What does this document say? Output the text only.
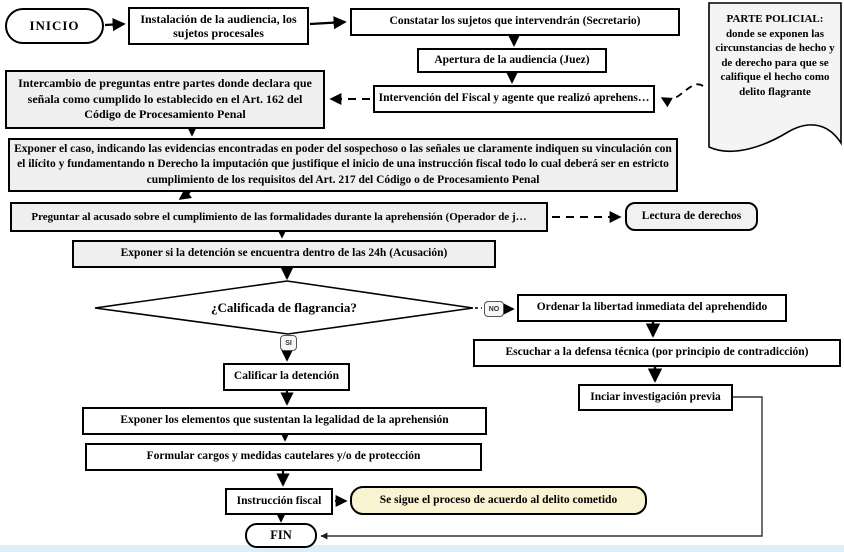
INICIO
FIN
Instalación de la audiencia, los sujetos procesales
Constatar los sujetos que intervendrán (Secretario)
Apertura de la audiencia (Juez)
Intervención del Fiscal y agente que realizó aprehens…
PARTE POLICIAL: donde se exponen las circunstancias de hecho y de derecho para que se califique el hecho como delito flagrante
Intercambio de preguntas entre partes donde declara que señala como cumplido lo establecido en el Art. 162 del Código de Procesamiento Penal
Exponer el caso, indicando las evidencias encontradas en poder del sospechoso o las señales ue claramente indiquen su vinculación con el ilícito y fundamentando n Derecho la imputación que justifique el inicio de una instrucción fiscal todo lo cual deberá ser en estricto cumplimiento de los requisitos del Art. 217 del Código o de Procesamiento Penal
Preguntar al acusado sobre el cumplimiento de las formalidades durante la aprehensión (Operador de j…	Lectura de derechos
Exponer si la detención se encuentra dentro de las 24h (Acusación)
¿Calificada de flagrancia?	NO
SI
Ordenar la libertad inmediata del aprehendido
Escuchar a la defensa técnica (por principio de contradicción)
Inciar investigación previa
Calificar la detención
Exponer los elementos que sustentan la legalidad de la aprehensión
Formular cargos y medidas cautelares y/o de protección
Instrucción fiscal	Se sigue el proceso de acuerdo al delito cometido
